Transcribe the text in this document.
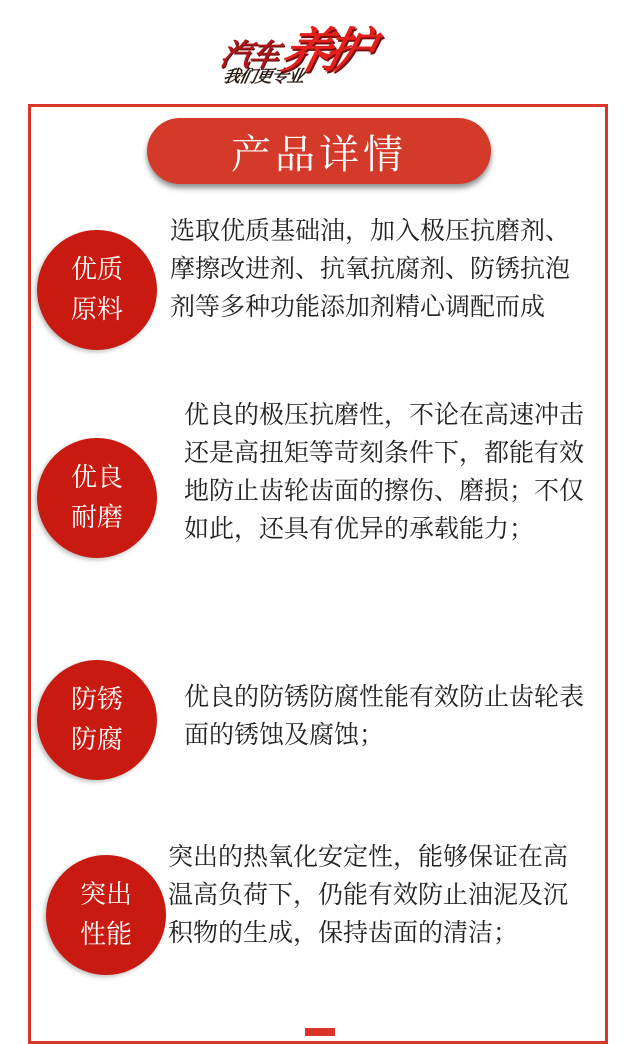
汽车
我们更专业
养护
产品详情
优质
原料

选取优质基础油，加入极压抗磨剂、摩擦改进剂、抗氧抗腐剂、防锈抗泡剂等多种功能添加剂精心调配而成

优良
耐磨

优良的极压抗磨性，不论在高速冲击还是高扭矩等苛刻条件下，都能有效地防止齿轮齿面的擦伤、磨损；不仅如此，还具有优异的承载能力；

防锈
防腐

优良的防锈防腐性能有效防止齿轮表面的锈蚀及腐蚀；

突出
性能

突出的热氧化安定性，能够保证在高温高负荷下，仍能有效防止油泥及沉积物的生成，保持齿面的清洁；
